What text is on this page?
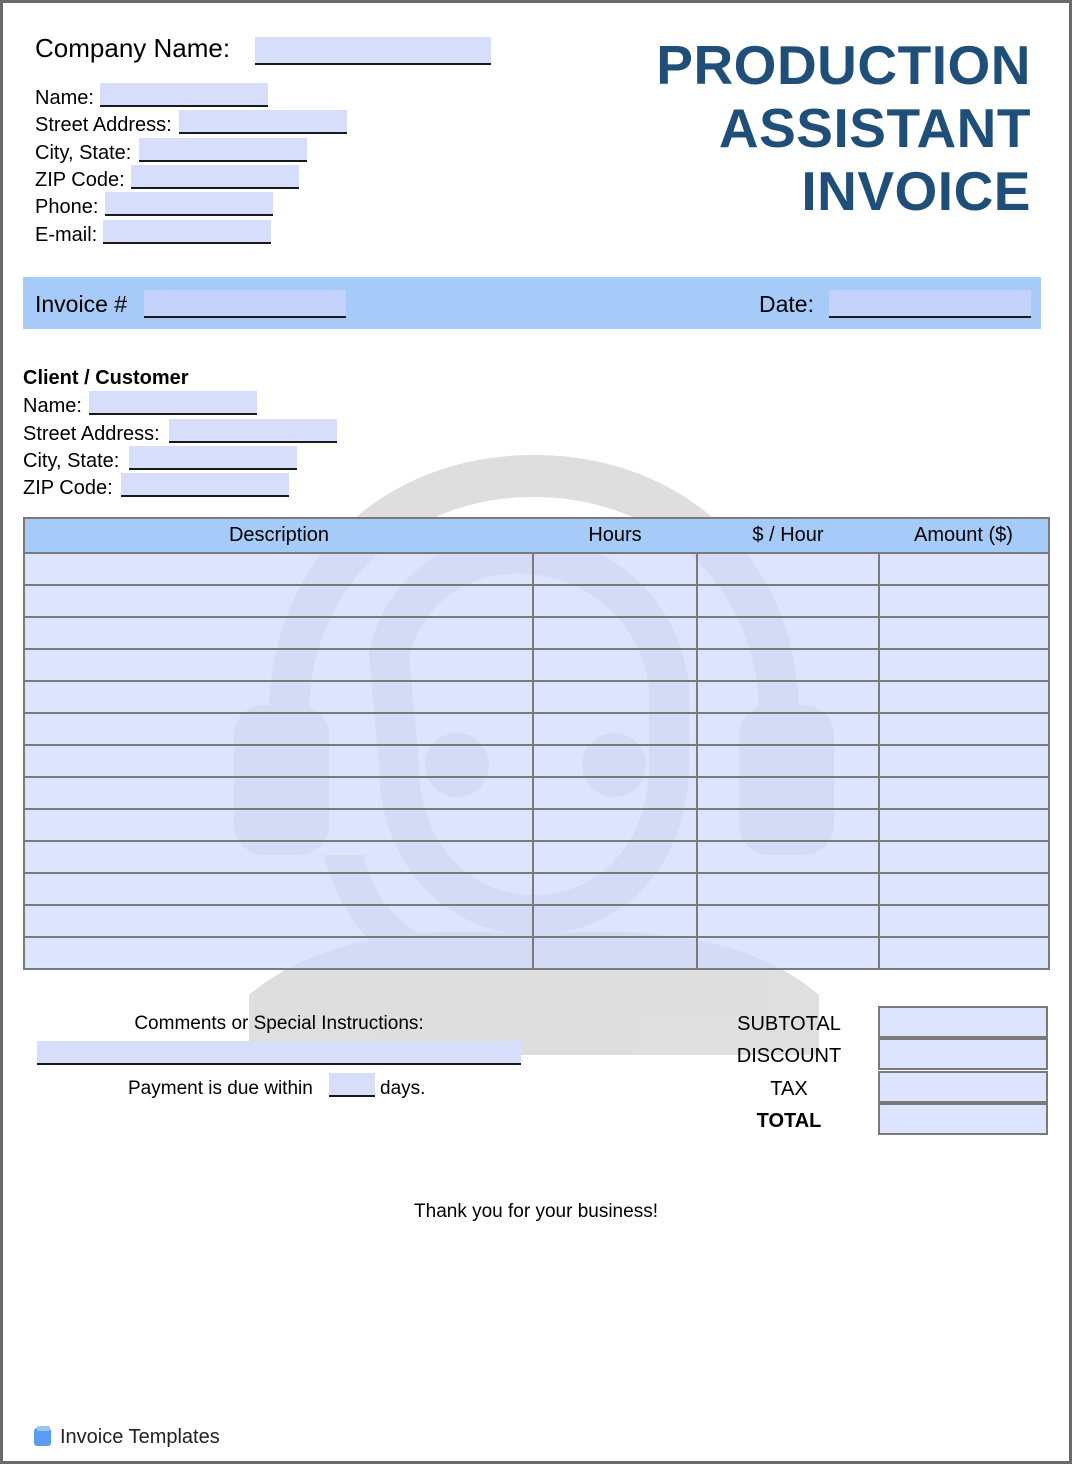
Company Name:
Name:
Street Address:
City, State:
ZIP Code:
Phone:
E-mail:
PRODUCTION
ASSISTANT
INVOICE
Invoice #	Date:
Client / Customer
Name:
Street Address:
City, State:
ZIP Code:
Description	Hours	$ / Hour	Amount ($)

Comments or Special Instructions:
Payment is due within	days.
SUBTOTAL
DISCOUNT
TAX
TOTAL
Thank you for your business!
Invoice Templates
